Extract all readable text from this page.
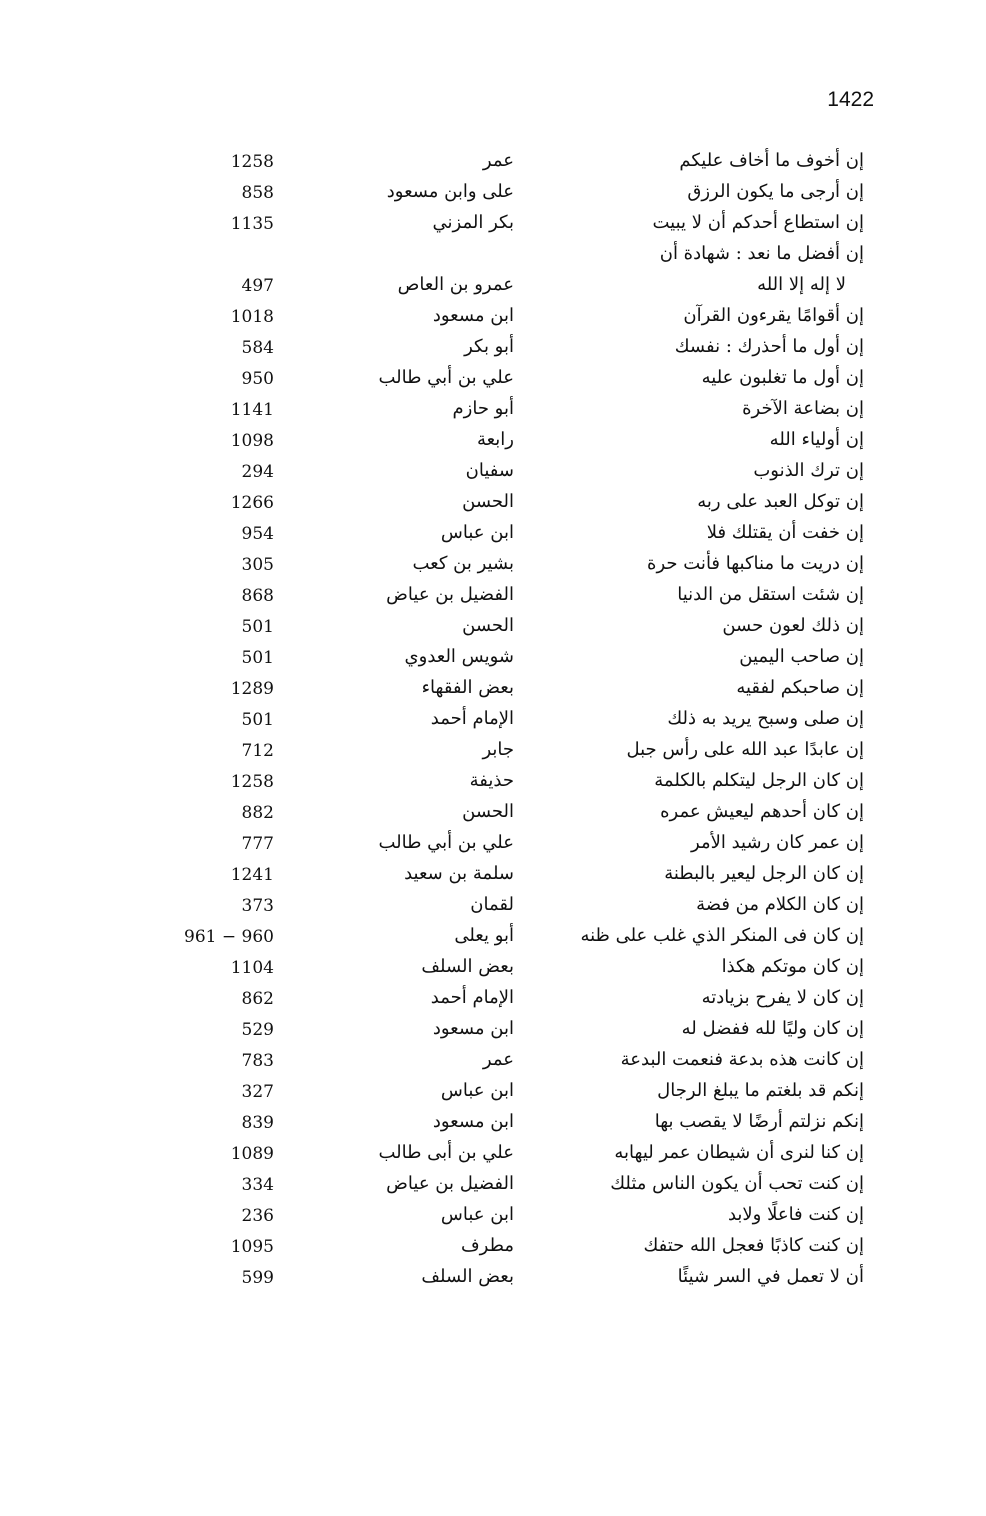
1422
إن أخوف ما أخاف عليكم
عمر
1258
إن أرجى ما يكون الرزق
على وابن مسعود
858
إن استطاع أحدكم أن لا يبيت
بكر المزني
1135
إن أفضل ما نعد : شهادة أن
لا إله إلا الله
عمرو بن العاص
497
إن أقوامًا يقرءون القرآن
ابن مسعود
1018
إن أول ما أحذرك : نفسك
أبو بكر
584
إن أول ما تغلبون عليه
علي بن أبي طالب
950
إن بضاعة الآخرة
أبو حازم
1141
إن أولياء الله
رابعة
1098
إن ترك الذنوب
سفيان
294
إن توكل العبد على ربه
الحسن
1266
إن خفت أن يقتلك فلا
ابن عباس
954
إن دريت ما مناكبها فأنت حرة
بشير بن كعب
305
إن شئت استقل من الدنيا
الفضيل بن عياض
868
إن ذلك لعون حسن
الحسن
501
إن صاحب اليمين
شويس العدوي
501
إن صاحبكم لفقيه
بعض الفقهاء
1289
إن صلى وسبح يريد به ذلك
الإمام أحمد
501
إن عابدًا عبد الله على رأس جبل
جابر
712
إن كان الرجل ليتكلم بالكلمة
حذيفة
1258
إن كان أحدهم ليعيش عمره
الحسن
882
إن عمر كان رشيد الأمر
علي بن أبي طالب
777
إن كان الرجل ليعير بالبطنة
سلمة بن سعيد
1241
إن كان الكلام من فضة
لقمان
373
إن كان فى المنكر الذي غلب على ظنه
أبو يعلى
961 − 960
إن كان موتكم هكذا
بعض السلف
1104
إن كان لا يفرح بزيادته
الإمام أحمد
862
إن كان وليًا لله ففضل له
ابن مسعود
529
إن كانت هذه بدعة فنعمت البدعة
عمر
783
إنكم قد بلغتم ما يبلغ الرجال
ابن عباس
327
إنكم نزلتم أرضًا لا يقصب بها
ابن مسعود
839
إن كنا لنرى أن شيطان عمر ليهابه
علي بن أبى طالب
1089
إن كنت تحب أن يكون الناس مثلك
الفضيل بن عياض
334
إن كنت فاعلًا ولابد
ابن عباس
236
إن كنت كاذبًا فعجل الله حتفك
مطرف
1095
أن لا تعمل في السر شيئًا
بعض السلف
599
